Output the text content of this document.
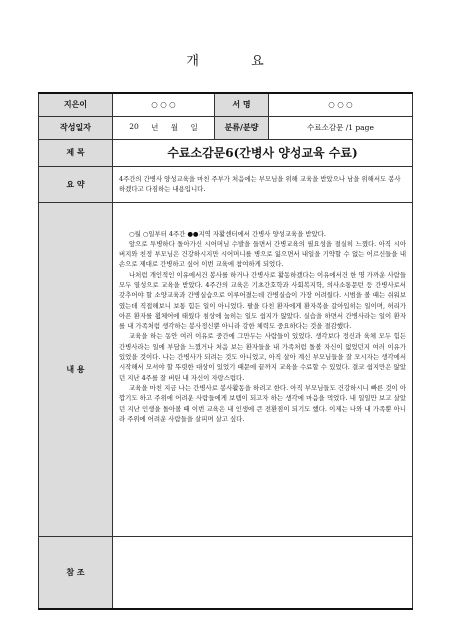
개 요
지은이	○ ○ ○	서 명	○ ○ ○
작성일자	20 년 월 일	분류/분량	수료소감문 /1 page
제 목	수료소감문6(간병사 양성교육 수료)		
요 약	4주간의 간병사 양성교육을 마친 주부가 처음에는 부모님을 위해 교육을 받았으나 남을 위해서도 봉사하겠다고 다짐하는 내용입니다.		
내 용	○월 ○일부터 4주간 ●●지역 자활센터에서 간병사 양성교육을 받았다.

앞으로 투병하다 돌아가신 시어머님 수발을 들면서 간병교육의 필요성을 절실히 느꼈다. 아직 시아버지와 친정 부모님은 건강하시지만 시어머니를 병으로 잃으면서 내일을 기약할 수 없는 어르신들을 내 손으로 제대로 간병하고 싶어 이번 교육에 참여하게 되었다.

나처럼 개인적인 이유에서건 봉사를 하거나 간병사로 활동하겠다는 이유에서건 한 명 가까운 사람들 모두 열성으로 교육을 받았다. 4주간의 교육은 기초간호학과 사회복지학, 의사소통문턴 등 간병사로서 갖추어야 할 소양교육과 간병실습으로 이루어졌는데 간병실습이 가장 어려웠다. 시범을 볼 때는 쉬워보였는데 직접해보니 보통 힘든 일이 아니었다. 팔을 다친 환자에게 환자복을 갈아입히는 일이며, 허리가 아픈 환자를 휠체어에 태웠다 침상에 눕히는 일도 쉽지가 않았다. 실습을 하면서 간병사라는 일이 환자를 내 가족처럼 생각하는 봉사정신뿐 아니라 강한 체력도 중요하다는 것을 절감했다.

교육을 하는 동안 여러 이유로 중간에 그만두는 사람들이 있었다. 생각보다 정신과 육체 모두 힘든 간병사라는 일에 부담을 느꼈거나 처음 보는 환자들을 내 가족처럼 돌볼 자신이 없었던지 여러 이유가 있었을 것이다. 나는 간병사가 되려는 것도 아니었고, 아직 살아 계신 부모님들을 잘 모시자는 생각에서 시작해서 모셔야 할 뚜렷한 대상이 있었기 때문에 끝까지 교육을 수료할 수 있었다. 결코 쉽지만은 않았던 지난 4주를 잘 버틴 내 자신이 자랑스럽다.

교육을 마친 지금 나는 간병사로 봉사활동을 하려고 한다. 아직 부모님들도 건강하시니 빠른 것이 아깝기도 하고 주위에 어려운 사람들에게 보템이 되고자 하는 생각에 마음을 먹었다. 내 일일만 보고 살았던 지난 인생을 돌아볼 때 이번 교육은 내 인생에 큰 전환점이 되기도 했다. 이제는 나와 내 가족뿐 아니라 주위에 어려운 사람들을 살피며 살고 싶다.		

참 조			
